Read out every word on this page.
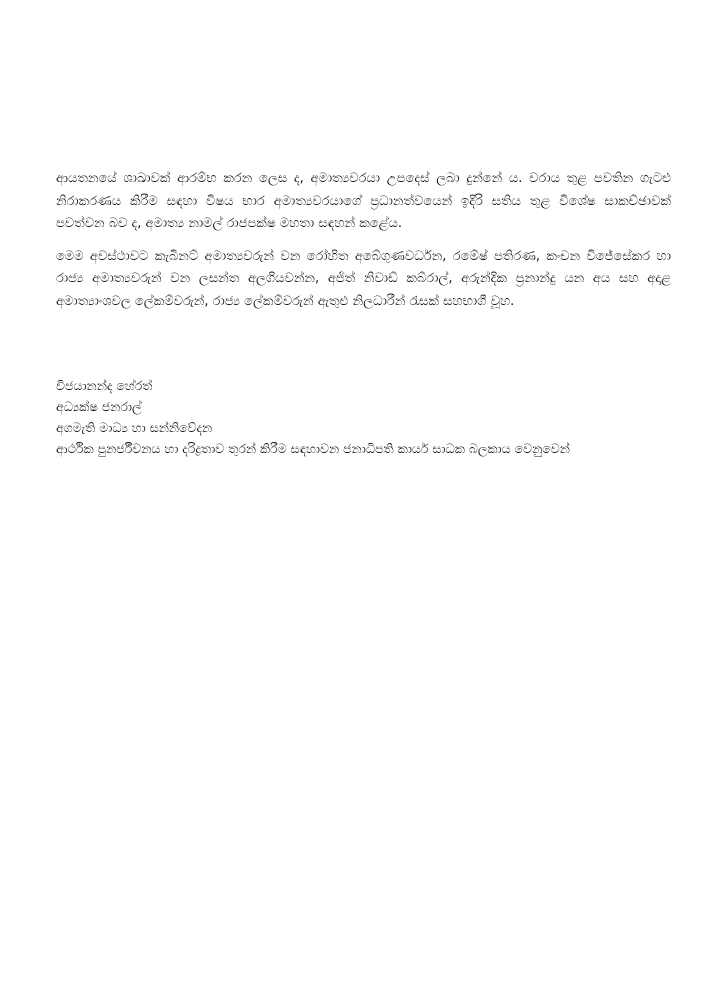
ආයතනයේ ශාඛාවක් ආරම්භ කරන ලෙස ද, අමාත්‍යවරයා උපදෙස් ලබා දුන්නේ ය. වරාය තුළ පවතින ගැටළු නිරාකරණය කිරීම සඳහා විෂය භාර අමාත්‍යවරයාගේ ප්‍රධානත්වයෙන් ඉදිරි සතිය තුළ විශේෂ සාකච්ඡාවක් පවත්වන බව ද, අමාත්‍ය නාමල් රාජපක්ෂ මහතා සඳහන් කළේය.

මෙම අවස්ථාවට කැබිනට් අමාත්‍යවරුන් වන රෝහිත අබේගුණවර්ධන, රමේෂ් පතිරණ, කංචන විජේසේකර හා රාජ්‍ය අමාත්‍යවරුන් වන ලසන්ත අලගියවන්න, අජිත් නිවාඩ් කබ්රාල්, අරුන්දික ප්‍රනාන්දු යන අය සහ අදාළ අමාත්‍යාංශවල ලේකම්වරුන්, රාජ්‍ය ලේකම්වරුන් ඇතුළු නිලධාරීන් රැසක් සහභාගී වූහ.

විජයානන්ද හේරත්
අධ්‍යක්ෂ ජනරාල්
අගමැති මාධ්‍ය හා සන්නිවේදන
ආර්ථික පුනර්ජීවනය හා දරිද්‍රතාව තුරන් කිරීම සඳහාවන ජනාධිපති කාර්ය සාධක බලකාය වෙනුවෙන්
